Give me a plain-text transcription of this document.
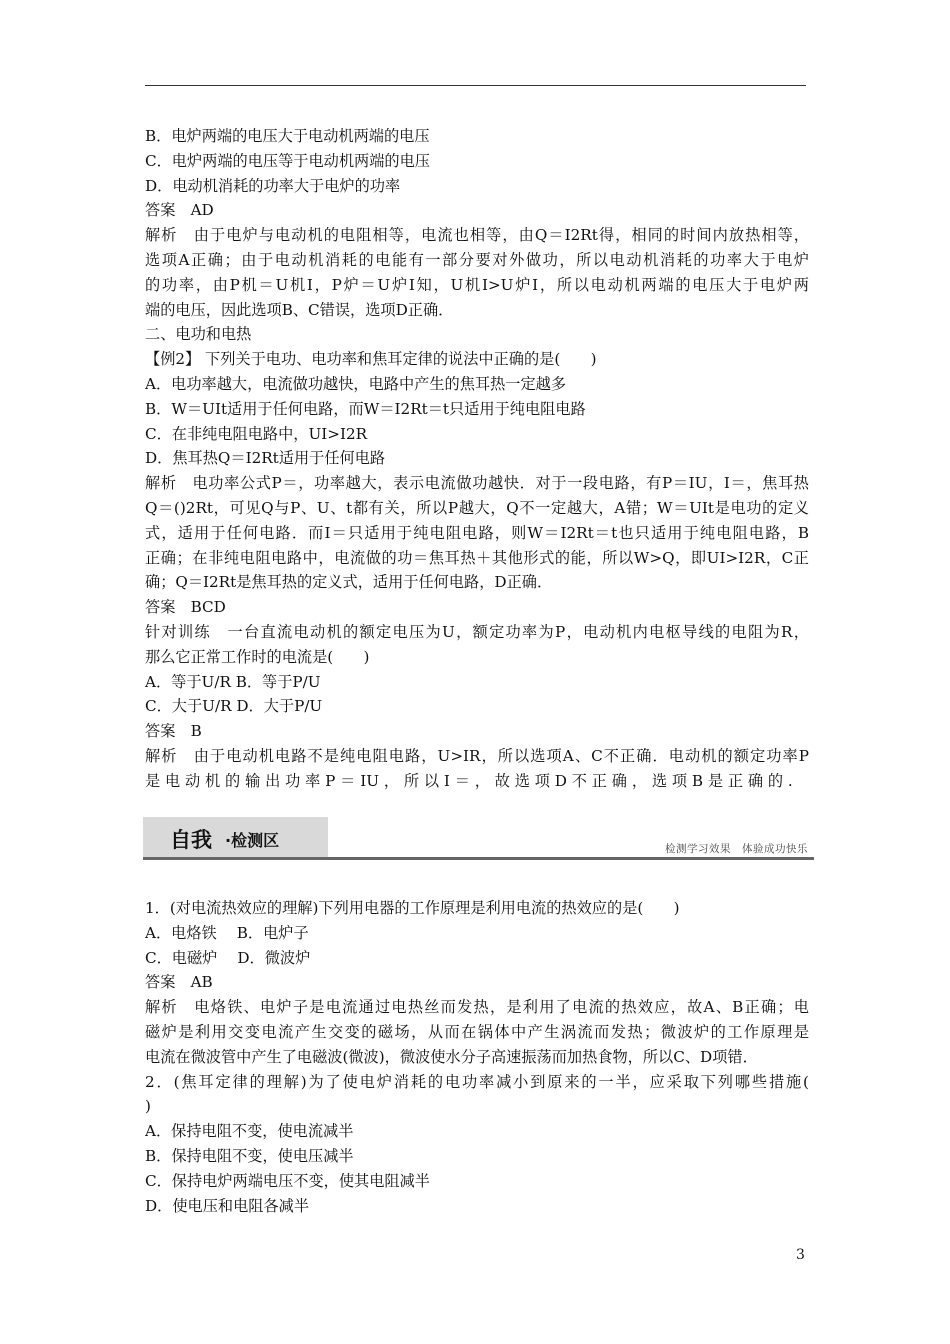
B．电炉两端的电压大于电动机两端的电压
C．电炉两端的电压等于电动机两端的电压
D．电动机消耗的功率大于电炉的功率
答案　AD
解析　由于电炉与电动机的电阻相等，电流也相等，由Q＝I2Rt得，相同的时间内放热相等，
选项A正确；由于电动机消耗的电能有一部分要对外做功，所以电动机消耗的功率大于电炉
的功率，由P机＝U机I，P炉＝U炉I知，U机I>U炉I，所以电动机两端的电压大于电炉两
端的电压，因此选项B、C错误，选项D正确．
二、电功和电热
【例2】 下列关于电功、电功率和焦耳定律的说法中正确的是(　　)
A．电功率越大，电流做功越快，电路中产生的焦耳热一定越多
B．W＝UIt适用于任何电路，而W＝I2Rt＝t只适用于纯电阻电路
C．在非纯电阻电路中，UI>I2R
D．焦耳热Q＝I2Rt适用于任何电路
解析　电功率公式P＝，功率越大，表示电流做功越快．对于一段电路，有P＝IU，I＝，焦耳热
Q＝()2Rt，可见Q与P、U、t都有关，所以P越大，Q不一定越大，A错；W＝UIt是电功的定义
式，适用于任何电路．而I＝只适用于纯电阻电路，则W＝I2Rt＝t也只适用于纯电阻电路，B
正确；在非纯电阻电路中，电流做的功＝焦耳热＋其他形式的能，所以W>Q，即UI>I2R，C正
确；Q＝I2Rt是焦耳热的定义式，适用于任何电路，D正确．
答案　BCD
针对训练　一台直流电动机的额定电压为U，额定功率为P，电动机内电枢导线的电阻为R，
那么它正常工作时的电流是(　　)
A．等于U/R B．等于P/U
C．大于U/R D．大于P/U
答案　B
解析　由于电动机电路不是纯电阻电路，U>IR，所以选项A、C不正确．电动机的额定功率P
是 电 动 机 的 输 出 功 率 P ＝ IU ， 所 以 I ＝ ， 故 选 项 D 不 正 确 ， 选 项 B 是 正 确 的 .
自我 ·检测区	检测学习效果　体验成功快乐
1．(对电流热效应的理解)下列用电器的工作原理是利用电流的热效应的是(　　)
A．电烙铁　 B．电炉子
C．电磁炉　 D．微波炉
答案　AB
解析　电烙铁、电炉子是电流通过电热丝而发热，是利用了电流的热效应，故A、B正确；电
磁炉是利用交变电流产生交变的磁场，从而在锅体中产生涡流而发热；微波炉的工作原理是
电流在微波管中产生了电磁波(微波)，微波使水分子高速振荡而加热食物，所以C、D项错．
2．(焦耳定律的理解)为了使电炉消耗的电功率减小到原来的一半，应采取下列哪些措施(
)
A．保持电阻不变，使电流减半
B．保持电阻不变，使电压减半
C．保持电炉两端电压不变，使其电阻减半
D．使电压和电阻各减半
3
